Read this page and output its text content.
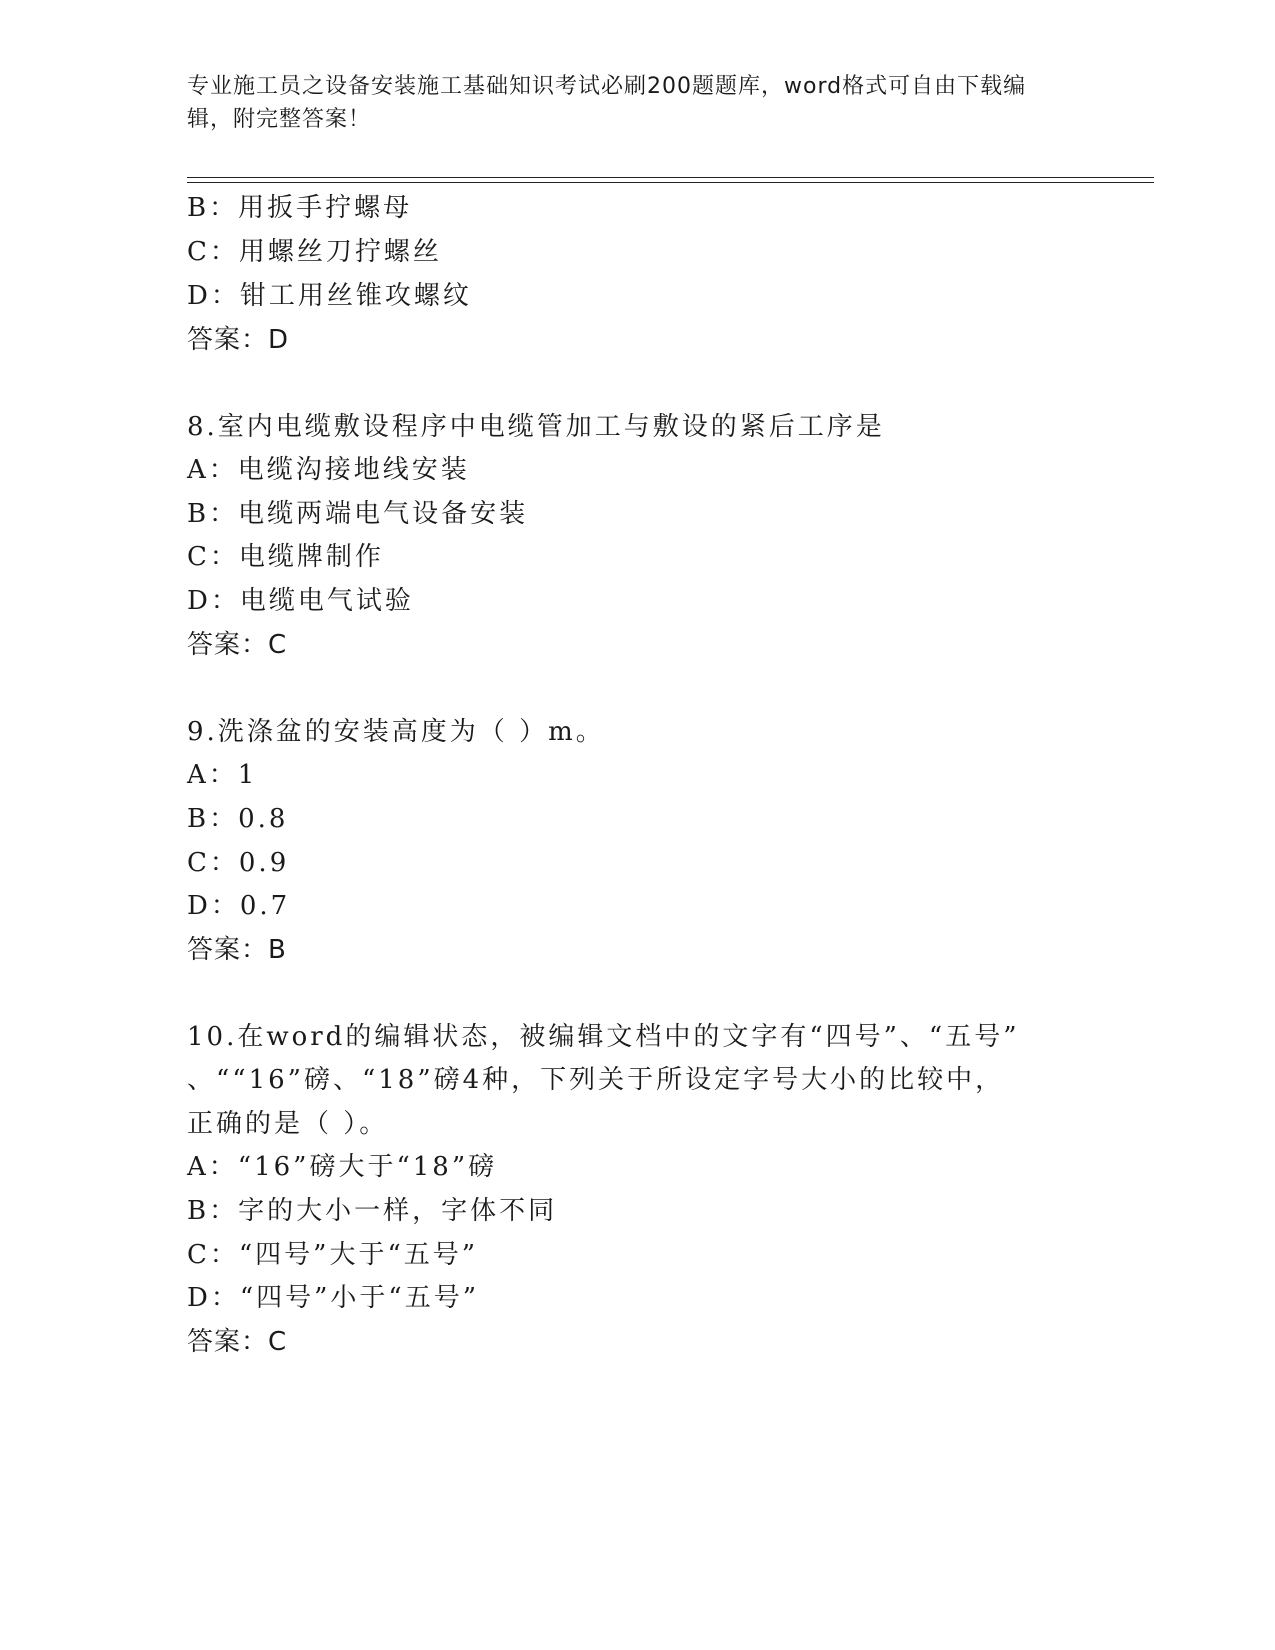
专业施工员之设备安装施工基础知识考试必刷200题题库，word格式可自由下载编辑，附完整答案！
B：用扳手拧螺母
C：用螺丝刀拧螺丝
D：钳工用丝锥攻螺纹
答案：D
8.室内电缆敷设程序中电缆管加工与敷设的紧后工序是
A：电缆沟接地线安装
B：电缆两端电气设备安装
C：电缆牌制作
D：电缆电气试验
答案：C
9.洗涤盆的安装高度为（ ）m。
A：1
B：0.8
C：0.9
D：0.7
答案：B
10.在word的编辑状态，被编辑文档中的文字有“四号”、“五号”
、““16”磅、“18”磅4种，下列关于所设定字号大小的比较中，
正确的是（ ）。
A：“16”磅大于“18”磅
B：字的大小一样，字体不同
C：“四号”大于“五号”
D：“四号”小于“五号”
答案：C
